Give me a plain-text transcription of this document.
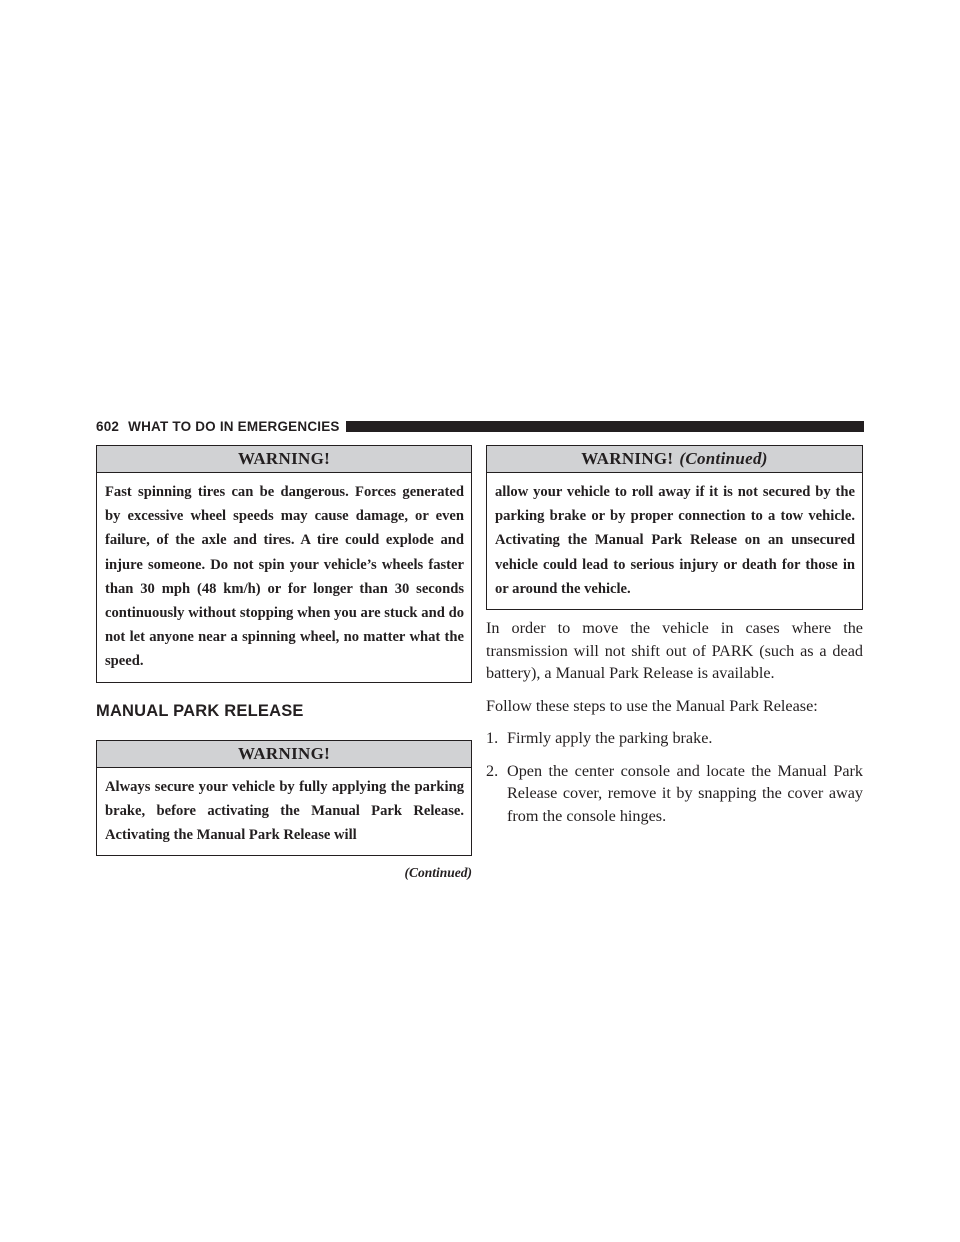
602 WHAT TO DO IN EMERGENCIES
WARNING!
Fast spinning tires can be dangerous. Forces generated by excessive wheel speeds may cause damage, or even failure, of the axle and tires. A tire could explode and injure someone. Do not spin your vehicle’s wheels faster than 30 mph (48 km/h) or for longer than 30 seconds continuously without stopping when you are stuck and do not let anyone near a spinning wheel, no matter what the speed.
MANUAL PARK RELEASE
WARNING!
Always secure your vehicle by fully applying the parking brake, before activating the Manual Park Release. Activating the Manual Park Release will
(Continued)
WARNING! (Continued)
allow your vehicle to roll away if it is not secured by the parking brake or by proper connection to a tow vehicle. Activating the Manual Park Release on an unsecured vehicle could lead to serious injury or death for those in or around the vehicle.

In order to move the vehicle in cases where the transmission will not shift out of PARK (such as a dead battery), a Manual Park Release is available.

Follow these steps to use the Manual Park Release:

1. Firmly apply the parking brake.
2. Open the center console and locate the Manual Park Release cover, remove it by snapping the cover away from the console hinges.
